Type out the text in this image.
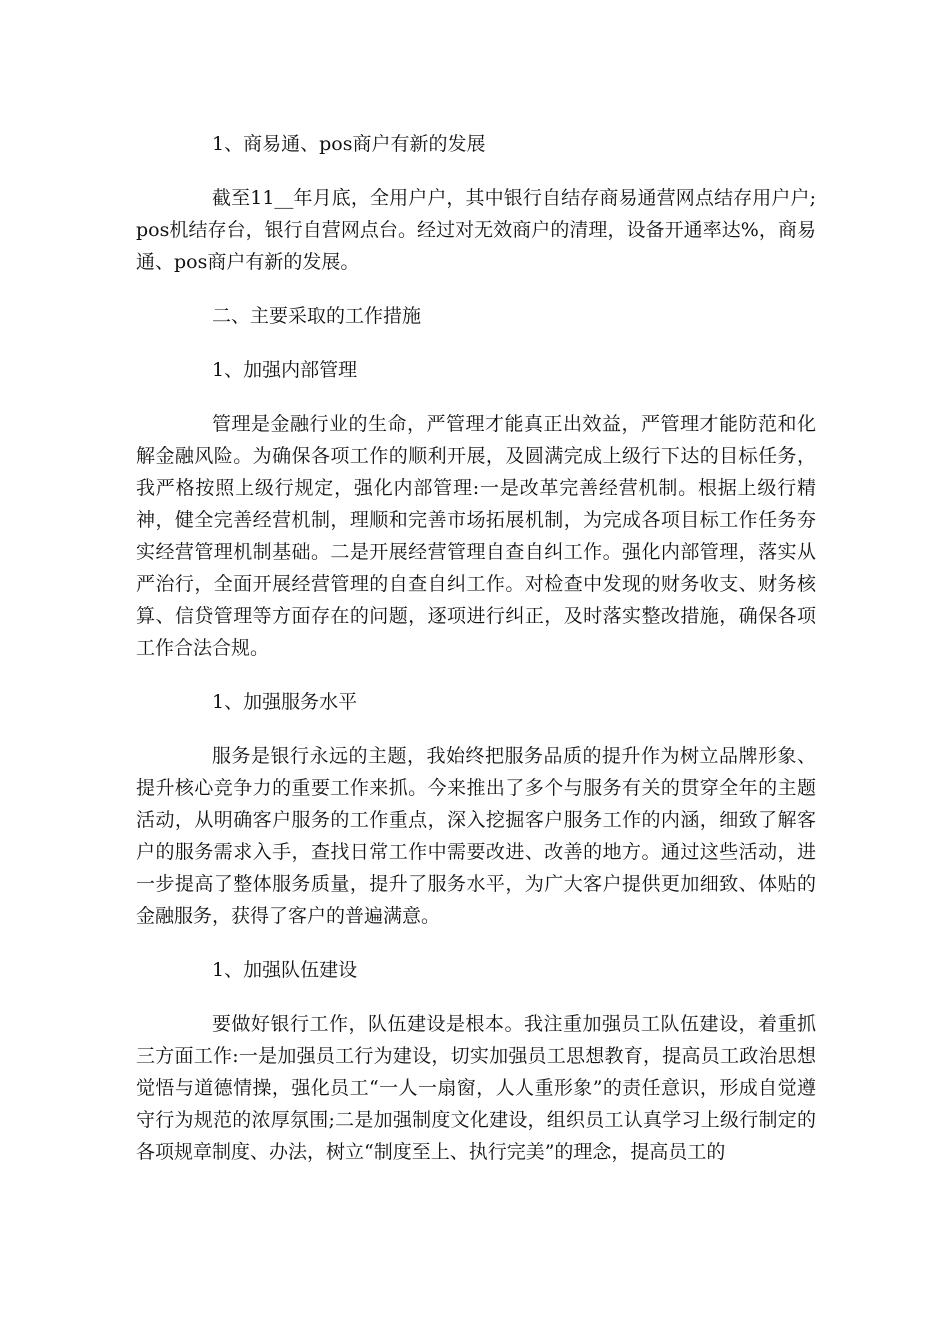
1、商易通、pos商户有新的发展

截至11__年月底，全用户户，其中银行自结存商易通营网点结存用户户;pos机结存台，银行自营网点台。经过对无效商户的清理，设备开通率达%，商易通、pos商户有新的发展。

二、主要采取的工作措施

1、加强内部管理

管理是金融行业的生命，严管理才能真正出效益，严管理才能防范和化解金融风险。为确保各项工作的顺利开展，及圆满完成上级行下达的目标任务，我严格按照上级行规定，强化内部管理:一是改革完善经营机制。根据上级行精神，健全完善经营机制，理顺和完善市场拓展机制，为完成各项目标工作任务夯实经营管理机制基础。二是开展经营管理自查自纠工作。强化内部管理，落实从严治行，全面开展经营管理的自查自纠工作。对检查中发现的财务收支、财务核算、信贷管理等方面存在的问题，逐项进行纠正，及时落实整改措施，确保各项工作合法合规。

1、加强服务水平

服务是银行永远的主题，我始终把服务品质的提升作为树立品牌形象、提升核心竞争力的重要工作来抓。今来推出了多个与服务有关的贯穿全年的主题活动，从明确客户服务的工作重点，深入挖掘客户服务工作的内涵，细致了解客户的服务需求入手，查找日常工作中需要改进、改善的地方。通过这些活动，进一步提高了整体服务质量，提升了服务水平，为广大客户提供更加细致、体贴的金融服务，获得了客户的普遍满意。

1、加强队伍建设

要做好银行工作，队伍建设是根本。我注重加强员工队伍建设，着重抓三方面工作:一是加强员工行为建设，切实加强员工思想教育，提高员工政治思想觉悟与道德情操，强化员工“一人一扇窗，人人重形象”的责任意识，形成自觉遵守行为规范的浓厚氛围;二是加强制度文化建设，组织员工认真学习上级行制定的各项规章制度、办法，树立“制度至上、执行完美”的理念，提高员工的
